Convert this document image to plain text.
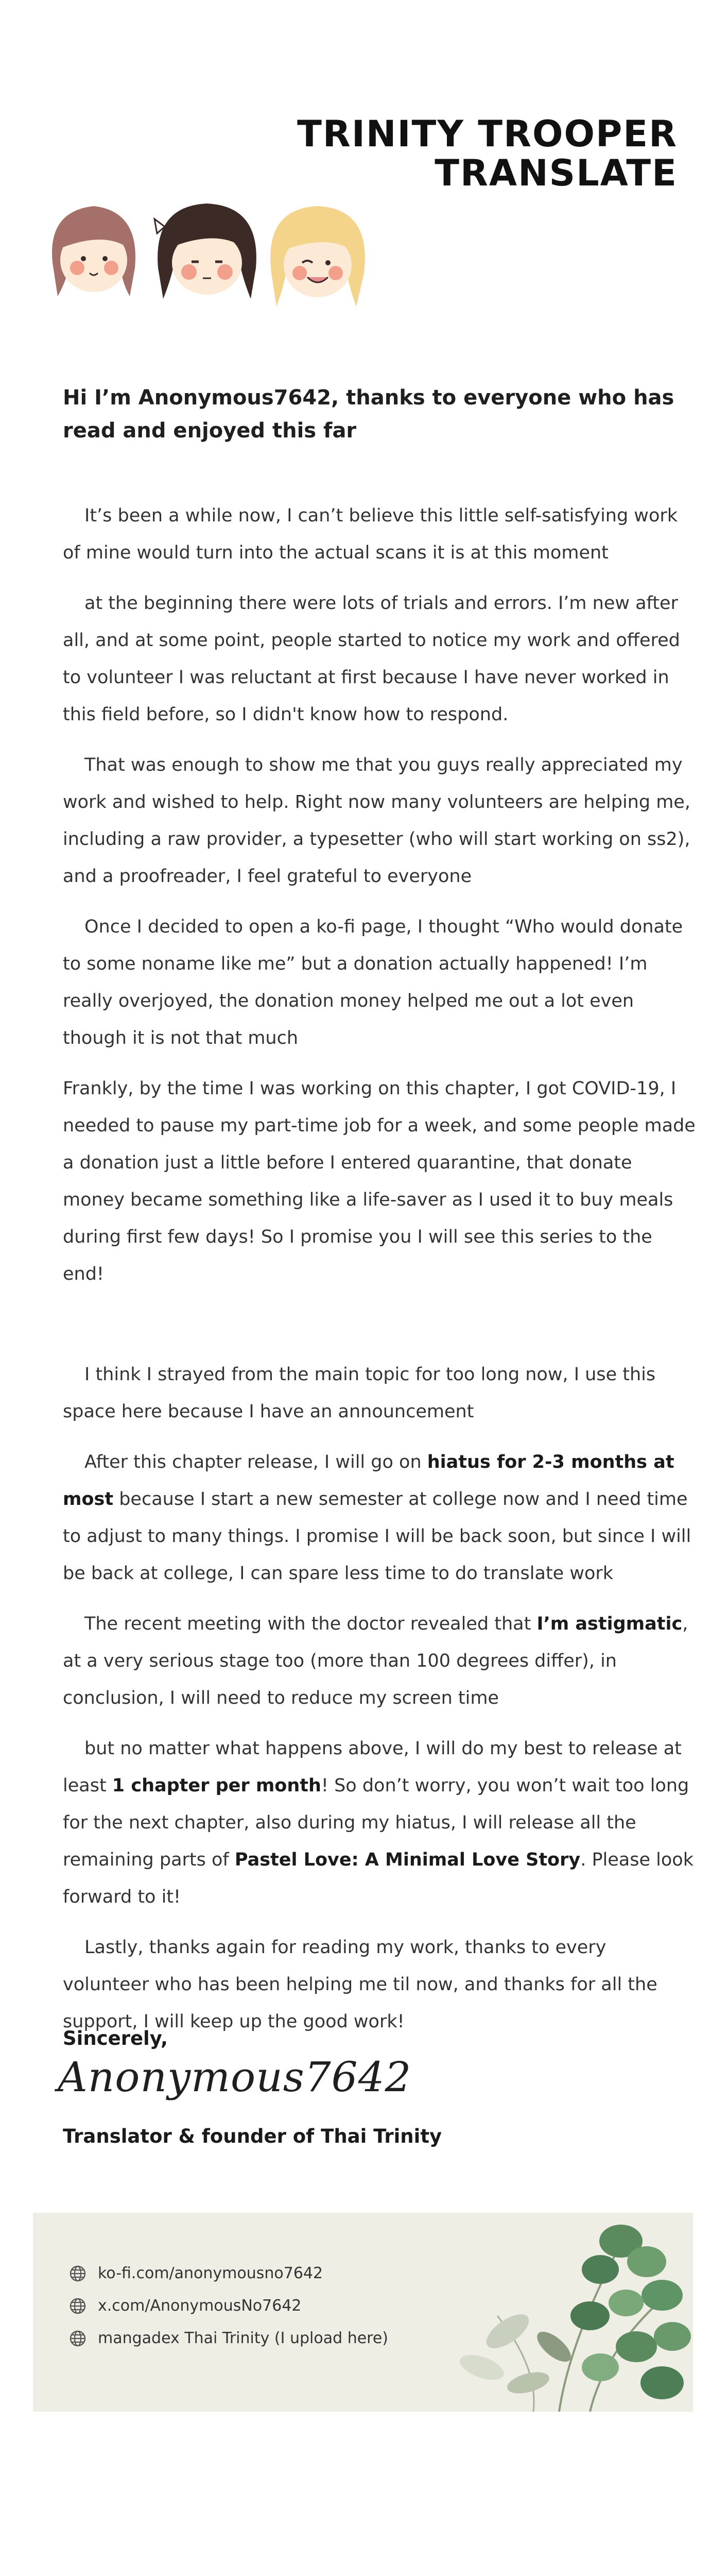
TRINITY TROOPER
TRANSLATE
Hi I’m Anonymous7642, thanks to everyone who has read and enjoyed this far

It’s been a while now, I can’t believe this little self-satisfying work of mine would turn into the actual scans it is at this moment

at the beginning there were lots of trials and errors. I’m new after all, and at some point, people started to notice my work and offered to volunteer I was reluctant at first because I have never worked in this field before, so I didn't know how to respond.

That was enough to show me that you guys really appreciated my work and wished to help. Right now many volunteers are helping me, including a raw provider, a typesetter (who will start working on ss2), and a proofreader, I feel grateful to everyone

Once I decided to open a ko-fi page, I thought “Who would donate to some noname like me” but a donation actually happened! I’m really overjoyed, the donation money helped me out a lot even though it is not that much

Frankly, by the time I was working on this chapter, I got COVID-19, I needed to pause my part-time job for a week, and some people made a donation just a little before I entered quarantine, that donate money became something like a life-saver as I used it to buy meals during first few days! So I promise you I will see this series to the end!

I think I strayed from the main topic for too long now, I use this space here because I have an announcement

After this chapter release, I will go on hiatus for 2-3 months at most because I start a new semester at college now and I need time to adjust to many things. I promise I will be back soon, but since I will be back at college, I can spare less time to do translate work

The recent meeting with the doctor revealed that I’m astigmatic, at a very serious stage too (more than 100 degrees differ), in conclusion, I will need to reduce my screen time

but no matter what happens above, I will do my best to release at least 1 chapter per month! So don’t worry, you won’t wait too long for the next chapter, also during my hiatus, I will release all the remaining parts of Pastel Love: A Minimal Love Story. Please look forward to it!

Lastly, thanks again for reading my work, thanks to every volunteer who has been helping me til now, and thanks for all the support, I will keep up the good work!

Sincerely,
Anonymous7642
Translator & founder of Thai Trinity
ko-fi.com/anonymousno7642
x.com/AnonymousNo7642
mangadex Thai Trinity (I upload here)
